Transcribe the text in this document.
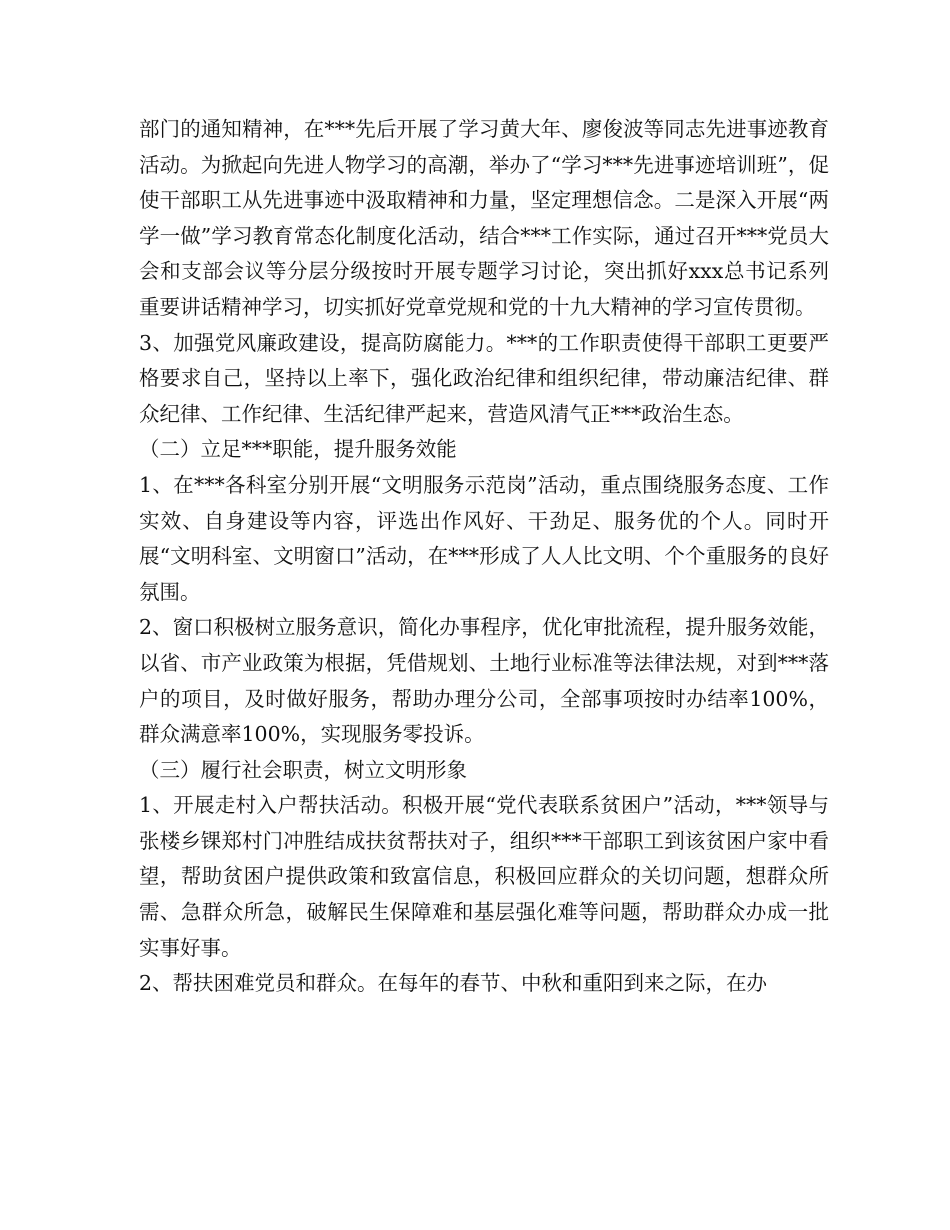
部门的通知精神，在***先后开展了学习黄大年、廖俊波等同志先进事迹教育活动。为掀起向先进人物学习的高潮，举办了“学习***先进事迹培训班”，促使干部职工从先进事迹中汲取精神和力量，坚定理想信念。二是深入开展“两学一做”学习教育常态化制度化活动，结合***工作实际，通过召开***党员大会和支部会议等分层分级按时开展专题学习讨论，突出抓好xxx总书记系列重要讲话精神学习，切实抓好党章党规和党的十九大精神的学习宣传贯彻。

3、加强党风廉政建设，提高防腐能力。***的工作职责使得干部职工更要严格要求自己，坚持以上率下，强化政治纪律和组织纪律，带动廉洁纪律、群众纪律、工作纪律、生活纪律严起来，营造风清气正***政治生态。

（二）立足***职能，提升服务效能

1、在***各科室分别开展“文明服务示范岗”活动，重点围绕服务态度、工作实效、自身建设等内容，评选出作风好、干劲足、服务优的个人。同时开展“文明科室、文明窗口”活动，在***形成了人人比文明、个个重服务的良好氛围。

2、窗口积极树立服务意识，简化办事程序，优化审批流程，提升服务效能，以省、市产业政策为根据，凭借规划、土地行业标准等法律法规，对到***落户的项目，及时做好服务，帮助办理分公司，全部事项按时办结率100%，群众满意率100%，实现服务零投诉。

（三）履行社会职责，树立文明形象

1、开展走村入户帮扶活动。积极开展“党代表联系贫困户”活动，***领导与张楼乡锞郑村门冲胜结成扶贫帮扶对子，组织***干部职工到该贫困户家中看望，帮助贫困户提供政策和致富信息，积极回应群众的关切问题，想群众所需、急群众所急，破解民生保障难和基层强化难等问题，帮助群众办成一批实事好事。

2、帮扶困难党员和群众。在每年的春节、中秋和重阳到来之际，在办
